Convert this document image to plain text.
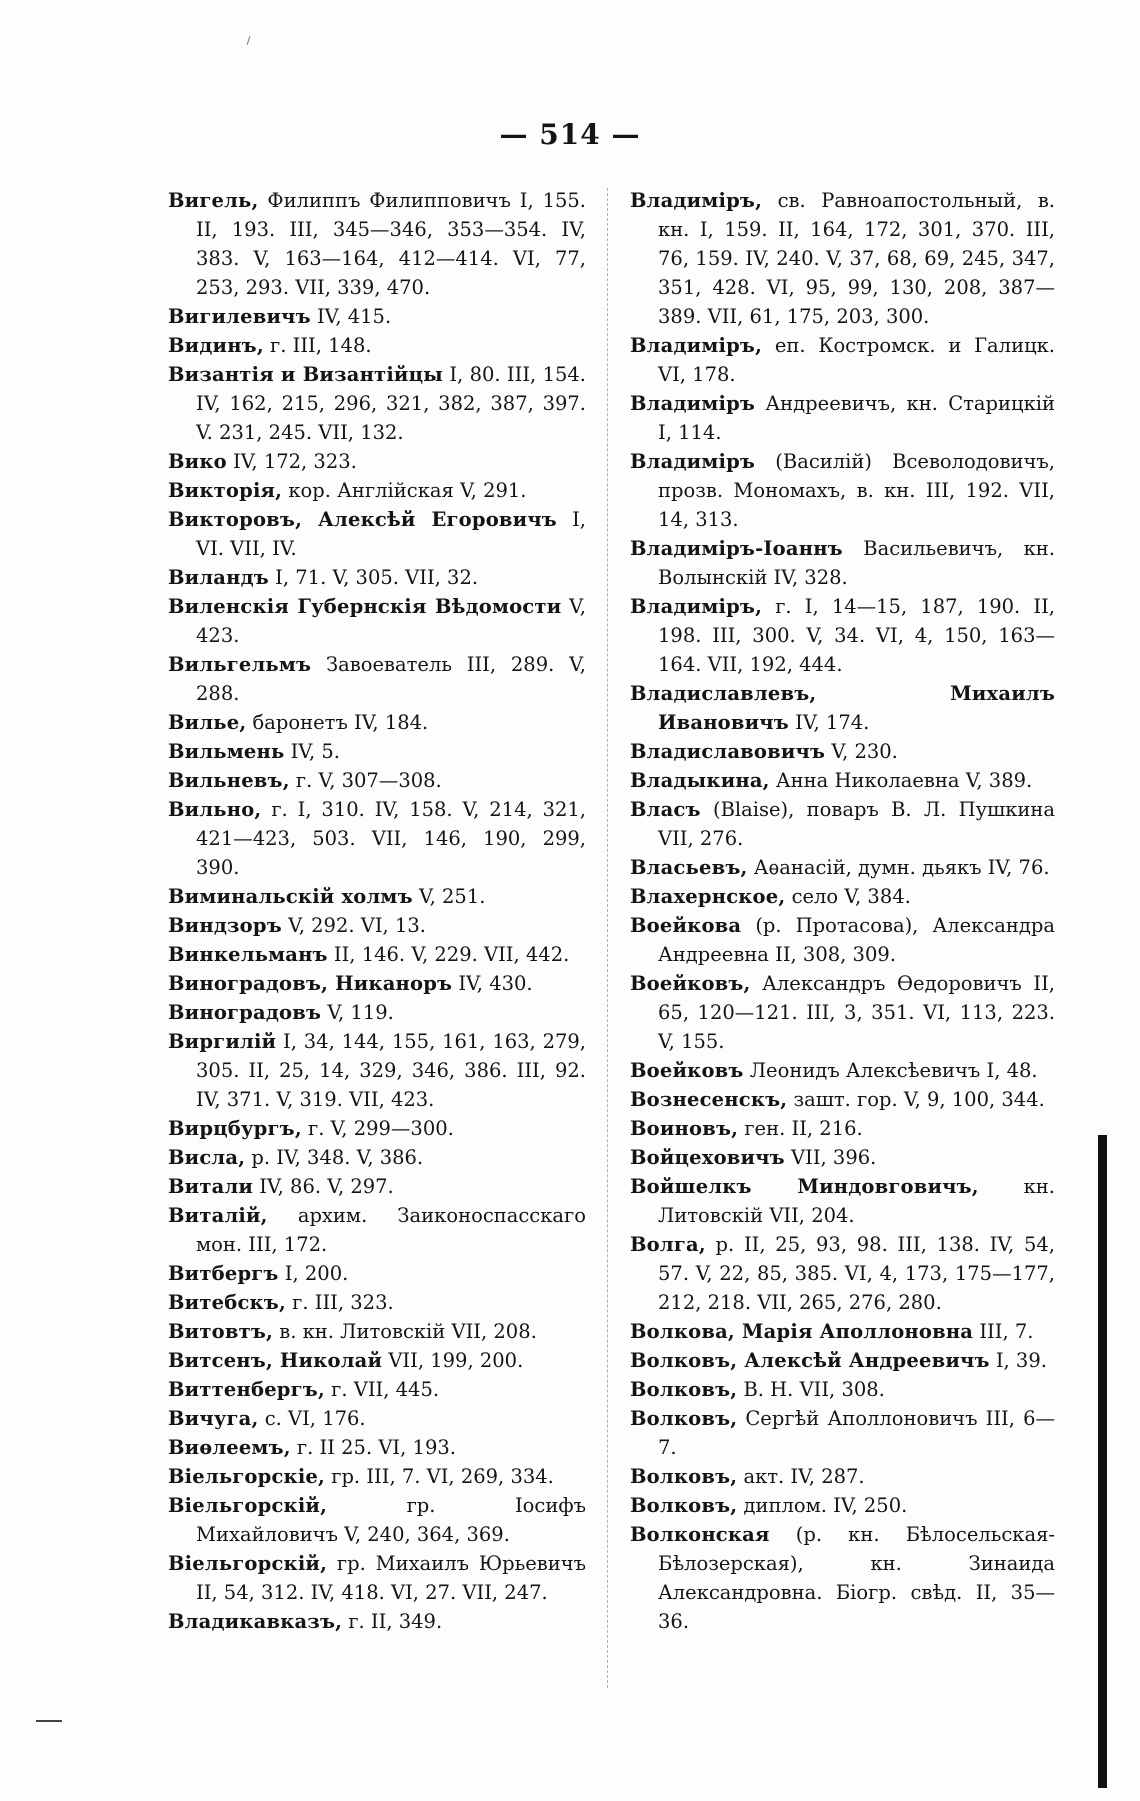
— 514 —
Вигель, Филиппъ Филипповичъ I, 155. II, 193. III, 345—346, 353—354. IV, 383. V, 163—164, 412—414. VI, 77, 253, 293. VII, 339, 470.
Вигилевичъ IV, 415.
Видинъ, г. III, 148.
Византія и Византійцы I, 80. III, 154. IV, 162, 215, 296, 321, 382, 387, 397. V. 231, 245. VII, 132.
Вико IV, 172, 323.
Викторія, кор. Англійская V, 291.
Викторовъ, Алексѣй Егоровичъ I, VI. VII, IV.
Виландъ I, 71. V, 305. VII, 32.
Виленскія Губернскія Вѣдомости V, 423.
Вильгельмъ Завоеватель III, 289. V, 288.
Вилье, баронетъ IV, 184.
Вильмень IV, 5.
Вильневъ, г. V, 307—308.
Вильно, г. I, 310. IV, 158. V, 214, 321, 421—423, 503. VII, 146, 190, 299, 390.
Виминальскій холмъ V, 251.
Виндзоръ V, 292. VI, 13.
Винкельманъ II, 146. V, 229. VII, 442.
Виноградовъ, Никаноръ IV, 430.
Виноградовъ V, 119.
Виргилій I, 34, 144, 155, 161, 163, 279, 305. II, 25, 14, 329, 346, 386. III, 92. IV, 371. V, 319. VII, 423.
Вирцбургъ, г. V, 299—300.
Висла, р. IV, 348. V, 386.
Витали IV, 86. V, 297.
Виталій, архим. Заиконоспасскаго мон. III, 172.
Витбергъ I, 200.
Витебскъ, г. III, 323.
Витовтъ, в. кн. Литовскій VII, 208.
Витсенъ, Николай VII, 199, 200.
Виттенбергъ, г. VII, 445.
Вичуга, с. VI, 176.
Виѳлеемъ, г. II 25. VI, 193.
Віельгорскіе, гр. III, 7. VI, 269, 334.
Віельгорскій,	гр. Іосифъ Михайловичъ V, 240, 364, 369.
Віельгорскій, гр. Михаилъ Юрьевичъ II, 54, 312. IV, 418. VI, 27. VII, 247.
Владикавказъ, г. II, 349.
Владиміръ, св. Равноапостольный, в. кн. I, 159. II, 164, 172, 301, 370. III, 76, 159. IV, 240. V, 37, 68, 69, 245, 347, 351, 428. VI, 95, 99, 130, 208, 387—389. VII, 61, 175, 203, 300.
Владиміръ, еп. Костромск. и Галицк. VI, 178.
Владиміръ Андреевичъ, кн. Старицкій I, 114.
Владиміръ (Василій) Всеволодовичъ, прозв. Мономахъ, в. кн. III, 192. VII, 14, 313.
Владиміръ-Іоаннъ Васильевичъ, кн. Волынскій IV, 328.
Владиміръ, г. I, 14—15, 187, 190. II, 198. III, 300. V, 34. VI, 4, 150, 163—164. VII, 192, 444.
Владиславлевъ, Михаилъ Ивановичъ IV, 174.
Владиславовичъ V, 230.
Владыкина, Анна Николаевна V, 389.
Власъ (Blaise), поваръ В. Л. Пушкина VII, 276.
Власьевъ, Аѳанасій, думн. дьякъ IV, 76.
Влахернское, село V, 384.
Воейкова (р. Протасова), Александра Андреевна II, 308, 309.
Воейковъ, Александръ Ѳедоровичъ II, 65, 120—121. III, 3, 351. VI, 113, 223. V, 155.
Воейковъ Леонидъ Алексѣевичъ I, 48.
Вознесенскъ, зашт. гор. V, 9, 100, 344.
Воиновъ, ген. II, 216.
Войцеховичъ VII, 396.
Войшелкъ Миндовговичъ, кн. Литовскій VII, 204.
Волга, р. II, 25, 93, 98. III, 138. IV, 54, 57. V, 22, 85, 385. VI, 4, 173, 175—177, 212, 218. VII, 265, 276, 280.
Волкова, Марія Аполлоновна III, 7.
Волковъ, Алексѣй Андреевичъ I, 39.
Волковъ, В. Н. VII, 308.
Волковъ, Сергѣй Аполлоновичъ III, 6—7.
Волковъ, акт. IV, 287.
Волковъ, диплом. IV, 250.
Волконская (р. кн. Бѣлосельская-Бѣлозерская), кн. Зинаида Александровна. Біогр. свѣд. II, 35—36.
